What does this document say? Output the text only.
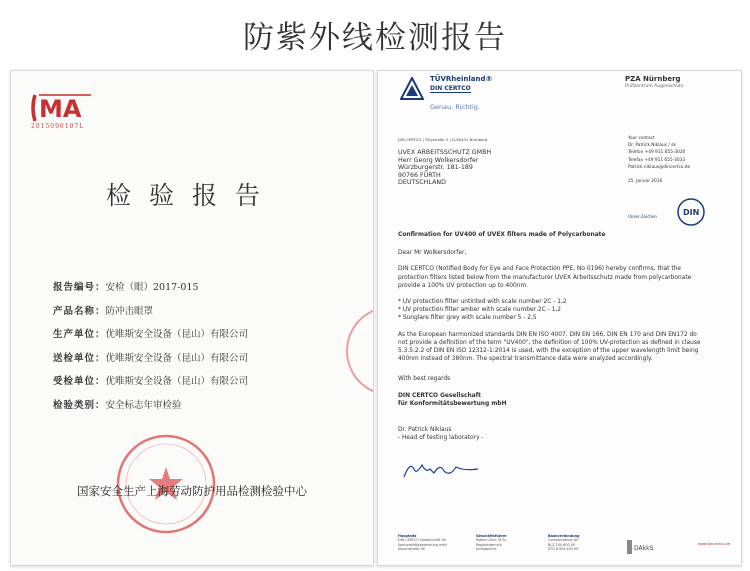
防紫外线检测报告
MA
2015090107L
检验报告
报告编号：安检（眼）2017-015
产品名称：防冲击眼罩
生产单位：优唯斯安全设备（昆山）有限公司
送检单位：优唯斯安全设备（昆山）有限公司
受检单位：优唯斯安全设备（昆山）有限公司
检验类别：安全标志年审检验
国家安全生产上海劳动防护用品检测检验中心
TÜVRheinland®
DIN CERTCO
Genau. Richtig.
PZA Nürnberg
Prüfzentrum Augenschutz
DIN CERTCO | Tillystraße 2 | D-90431 Nürnberg
UVEX ARBEITSSCHUTZ GMBH
Herr Georg Wolkersdorfer
Würzburgerstr. 181-189
90766 FÜRTH
DEUTSCHLAND
Your contact
Dr. Patrick Niklaus / sk
Telefon +49 911 655-3020
Telefax +49 911 655-3033
Patrick.niklaus@dincertco.de

25. Januar 2016
Unser Zeichen	DIN

Confirmation for UV400 of UVEX filters made of Polycarbonate

Dear Mr Wolkersdorfer,

DIN CERTCO (Notified Body for Eye and Face Protection PPE, No 0196) hereby confirms, that the protection filters listed below from the manufacturer UVEX Arbeitsschutz made from polycarbonate provide a 100% UV protection up to 400nm.

* UV protection filter untinted with scale number 2C - 1,2

* UV protection filter amber with scale number 2C - 1,2

* Sunglare filter grey with scale number 5 - 2,5

As the European harmonized standards DIN EN ISO 4007, DIN EN 166, DIN EN 170 and DIN EN172 do not provide a definition of the term "UV400", the definition of 100% UV-protection as defined in clause 5.3.5.2.2 of DIN EN ISO 12312-1:2014 is used, with the exception of the upper wavelength limit being 400nm instead of 380nm. The spectral transmittance data were analyzed accordingly.

With best regards

DIN CERTCO Gesellschaft

für Konformitätsbewertung mbH

Dr. Patrick Niklaus

- Head of testing laboratory -

Hauptsitz
DIN CERTCO Gesellschaft für
Konformitätsbewertung mbH
Alboinstraße 56
Geschäftsführer
Robert Zorn, M.Sc.
Registergericht
Amtsgericht
Bankverbindung
Commerzbank AG
BLZ 100 800 00
KTO 8 055 433 00	DAkkS
www.dincertco.de
